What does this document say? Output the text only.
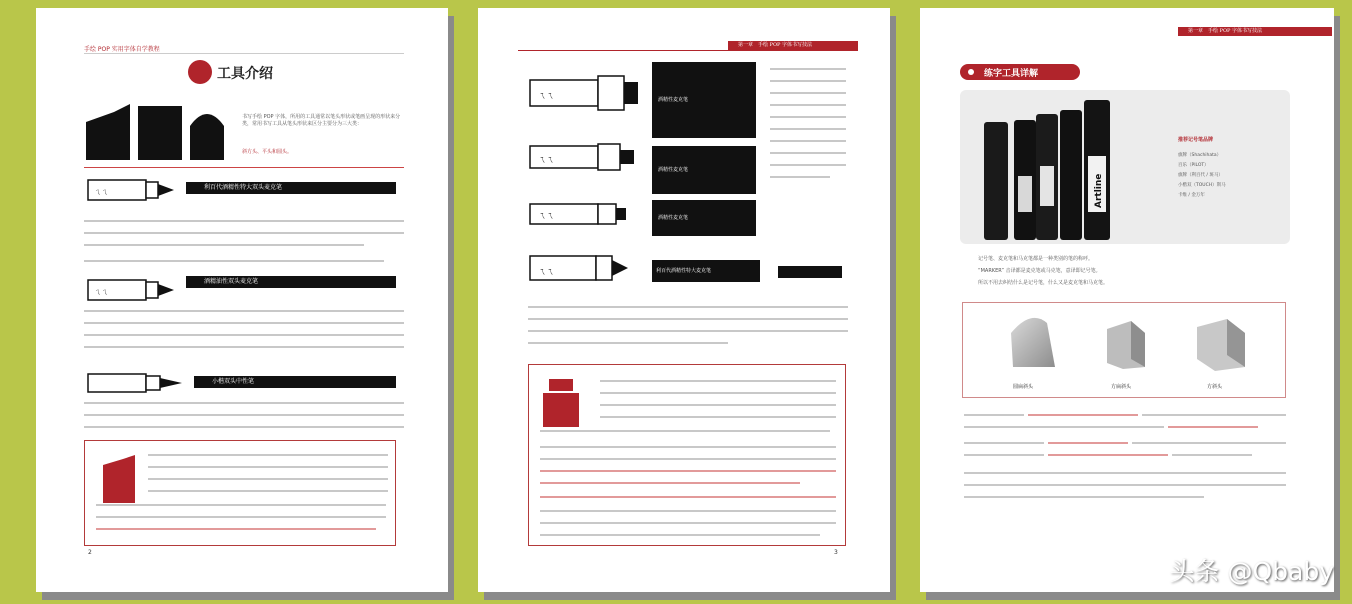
手绘 POP 实用字体自学教程
工具介绍
书写手绘 POP 字体，所用的工具通常以笔头形状或笔画呈现的形状来分类，常用书写工具从笔头形状来区分主要分为三大类：
斜方头、平头和圆头。
ㄟㄟ
利百代酒精性特大双头麦克笔
ㄟㄟ
酒精油性双头麦克笔
小楷双头中性笔
2
第一章　手绘 POP 字体书写技法
ㄟㄟ
ㄟㄟ
ㄟㄟ
ㄟㄟ
酒精性麦克笔
酒精性麦克笔
酒精性麦克笔
利百代酒精性特大麦克笔
3
第一章　手绘 POP 字体书写技法
练字工具详解
Artline
推荐记号笔品牌
旗牌（Shachihata）
百乐（PILOT）
旗牌（利百代 / 斑马）
小楷双（TOUCH）斯马
卡维 / 金万年
记号笔、麦克笔和马克笔都是一种类别的笔的称呼。
“MARKER” 音译都是麦克笔或马克笔，意译即记号笔。
所以不用去纠结什么是记号笔，什么又是麦克笔和马克笔。
圆扁斜头	方扁斜头	方斜头
头条 @Qbaby
